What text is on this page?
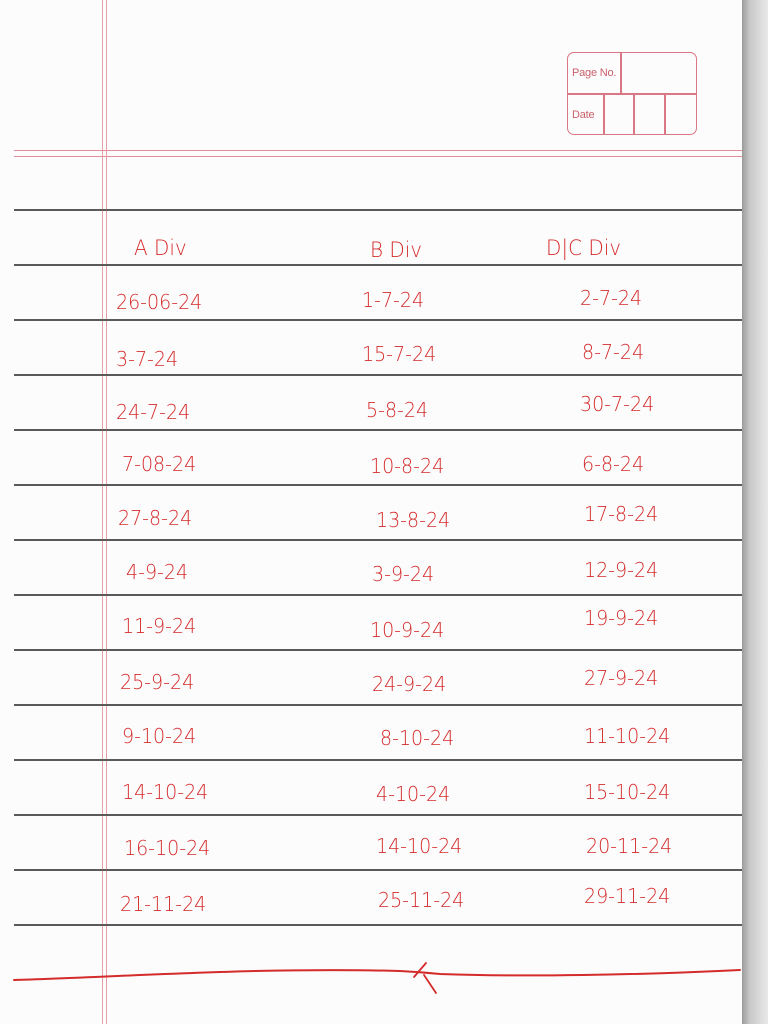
Page No.
Date
A Div	B Div	D|C Div
26-06-24	1-7-24	2-7-24
3-7-24	15-7-24	8-7-24
24-7-24	5-8-24	30-7-24
7-08-24	10-8-24	6-8-24
27-8-24	13-8-24	17-8-24
4-9-24	3-9-24	12-9-24
11-9-24	10-9-24	19-9-24
25-9-24	24-9-24	27-9-24
9-10-24	8-10-24	11-10-24
14-10-24	4-10-24	15-10-24
16-10-24	14-10-24	20-11-24
21-11-24	25-11-24	29-11-24
